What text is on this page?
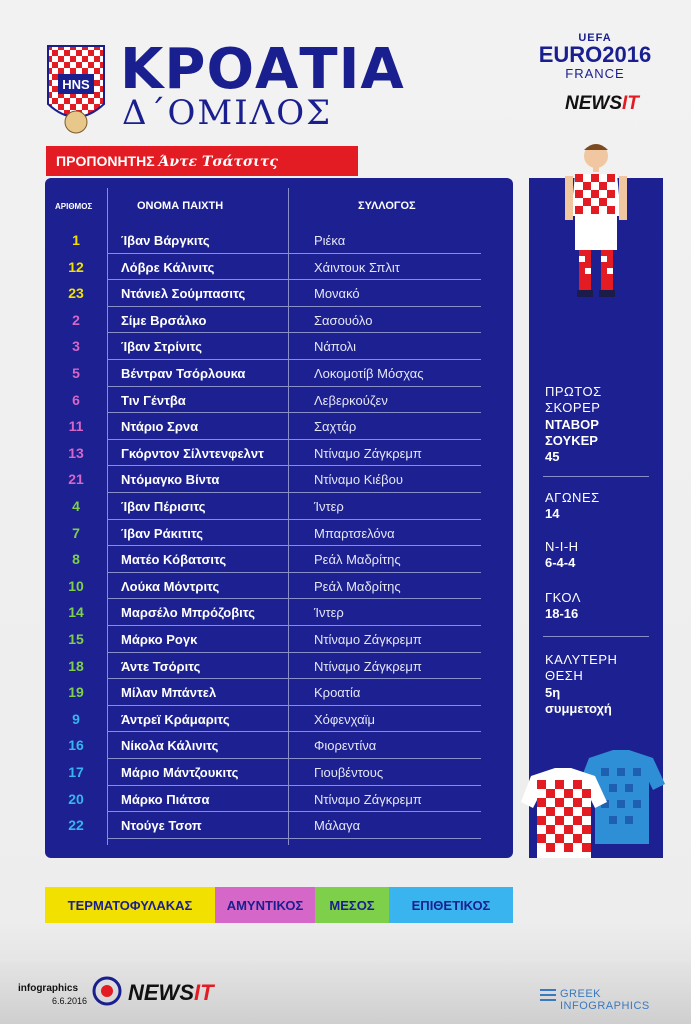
HNS ΚΡΟΑΤΙΑ
Δ΄ΟΜΙΛΟΣ
UEFA
EURO2016
FRANCE
NEWSIT
ΠΡΟΠΟΝΗΤΗΣ Άντε Τσάτσιτς
ΑΡΙΘΜΟΣ	ΟΝΟΜΑ ΠΑΙΧΤΗ	ΣΥΛΛΟΓΟΣ
1	Ίβαν Βάργκιτς	Ριέκα
12	Λόβρε Κάλινιτς	Χάιντουκ Σπλιτ
23	Ντάνιελ Σούμπασιτς	Μονακό
2	Σίμε Βρσάλκο	Σασουόλο
3	Ίβαν Στρίνιτς	Νάπολι
5	Βέντραν Τσόρλουκα	Λοκομοτίβ Μόσχας
6	Τιν Γέντβα	Λεβερκούζεν
11	Ντάριο Σρνα	Σαχτάρ
13	Γκόρντον Σίλντενφελντ	Ντίναμο Ζάγκρεμπ
21	Ντόμαγκο Βίντα	Ντίναμο Κιέβου
4	Ίβαν Πέρισιτς	Ίντερ
7	Ίβαν Ράκιτιτς	Μπαρτσελόνα
8	Ματέο Κόβατσιτς	Ρεάλ Μαδρίτης
10	Λούκα Μόντριτς	Ρεάλ Μαδρίτης
14	Μαρσέλο Μπρόζοβιτς	Ίντερ
15	Μάρκο Ρογκ	Ντίναμο Ζάγκρεμπ
18	Άντε Τσόριτς	Ντίναμο Ζάγκρεμπ
19	Μίλαν Μπάντελ	Κροατία
9	Άντρεϊ Κράμαριτς	Χόφενχαϊμ
16	Νίκολα Κάλινιτς	Φιορεντίνα
17	Μάριο Μάντζουκιτς	Γιουβέντους
20	Μάρκο Πιάτσα	Ντίναμο Ζάγκρεμπ
22	Ντούγε Τσοπ	Μάλαγα
ΠΡΩΤΟΣ
ΣΚΟΡΕΡ
ΝΤΑΒΟΡ
ΣΟΥΚΕΡ
45
ΑΓΩΝΕΣ
14
Ν-Ι-Η
6-4-4
ΓΚΟΛ
18-16
ΚΑΛΥΤΕΡΗ
ΘΕΣΗ
5η
συμμετοχή
ΤΕΡΜΑΤΟΦΥΛΑΚΑΣ	ΑΜΥΝΤΙΚΟΣ	ΜΕΣΟΣ	ΕΠΙΘΕΤΙΚΟΣ
infographics
6.6.2016 NEWSIT	GREEK INFOGRAPHICS
